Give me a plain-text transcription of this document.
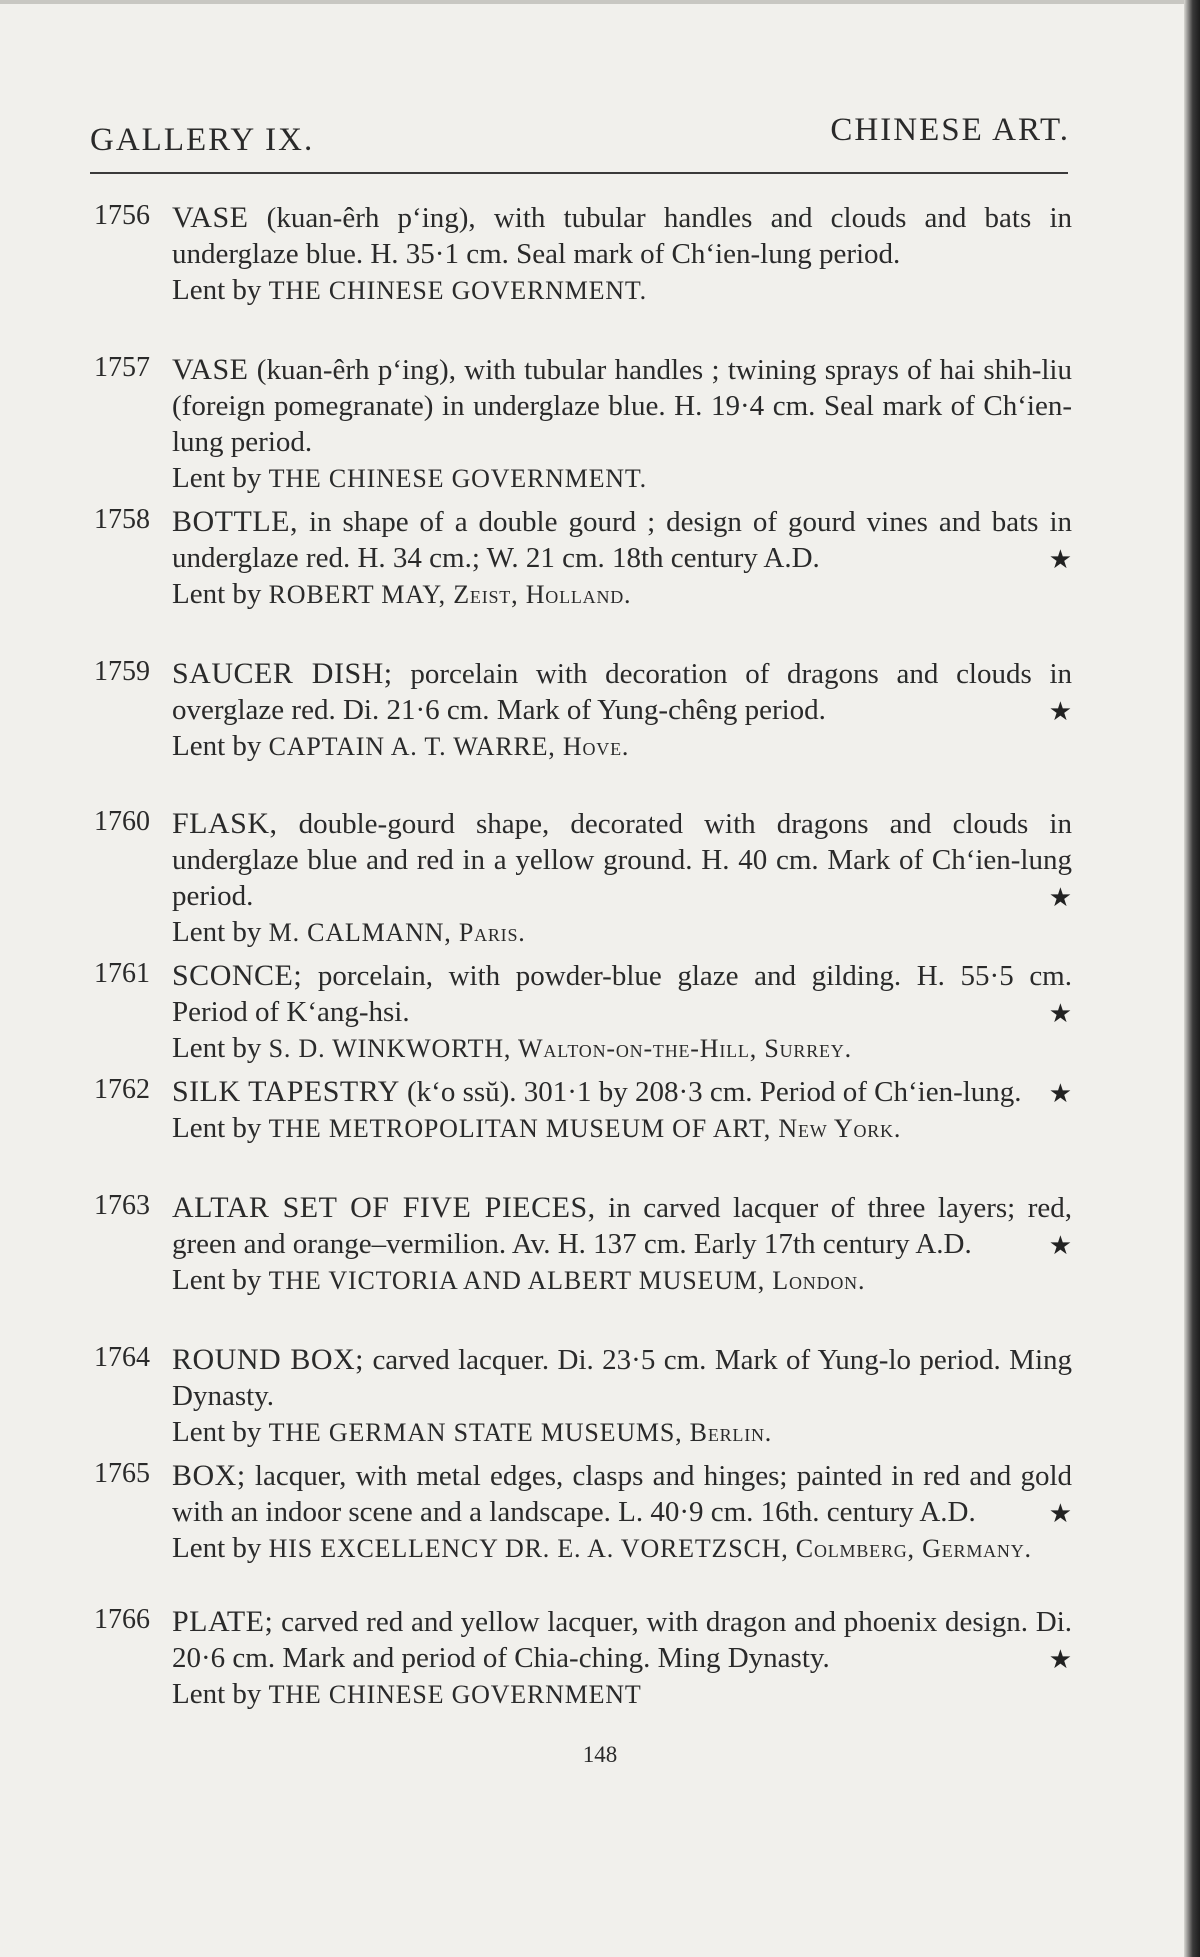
GALLERY IX.	CHINESE ART.
1756 VASE (kuan-êrh p‘ing), with tubular handles and clouds and bats in underglaze blue. H. 35·1 cm. Seal mark of Ch‘ien-lung period.
Lent by THE CHINESE GOVERNMENT.
1757 VASE (kuan-êrh p‘ing), with tubular handles ; twining sprays of hai shih-liu (foreign pomegranate) in underglaze blue. H. 19·4 cm. Seal mark of Ch‘ien-lung period.
Lent by THE CHINESE GOVERNMENT.
1758 BOTTLE, in shape of a double gourd ; design of gourd vines and bats in underglaze red. H. 34 cm.; W. 21 cm. 18th century A.D.	★
Lent by ROBERT MAY, Zeist, Holland.
1759 SAUCER DISH; porcelain with decoration of dragons and clouds in overglaze red. Di. 21·6 cm. Mark of Yung-chêng period.	★
Lent by CAPTAIN A. T. WARRE, Hove.
1760 FLASK, double-gourd shape, decorated with dragons and clouds in underglaze blue and red in a yellow ground. H. 40 cm. Mark of Ch‘ien-lung period.	★
Lent by M. CALMANN, Paris.
1761 SCONCE; porcelain, with powder-blue glaze and gilding. H. 55·5 cm. Period of K‘ang-hsi.	★
Lent by S. D. WINKWORTH, Walton-on-the-Hill, Surrey.
1762 SILK TAPESTRY (k‘o ssŭ). 301·1 by 208·3 cm. Period of Ch‘ien-lung. ★
Lent by THE METROPOLITAN MUSEUM OF ART, New York.
1763 ALTAR SET OF FIVE PIECES, in carved lacquer of three layers; red, green and orange–vermilion. Av. H. 137 cm. Early 17th century A.D.	★
Lent by THE VICTORIA AND ALBERT MUSEUM, London.
1764 ROUND BOX; carved lacquer. Di. 23·5 cm. Mark of Yung-lo period. Ming Dynasty.
Lent by THE GERMAN STATE MUSEUMS, Berlin.
1765 BOX; lacquer, with metal edges, clasps and hinges; painted in red and gold with an indoor scene and a landscape. L. 40·9 cm. 16th. century A.D.	★
Lent by HIS EXCELLENCY DR. E. A. VORETZSCH, Colmberg, Germany.
1766 PLATE; carved red and yellow lacquer, with dragon and phoenix design. Di. 20·6 cm. Mark and period of Chia-ching. Ming Dynasty.	★
Lent by THE CHINESE GOVERNMENT
148
